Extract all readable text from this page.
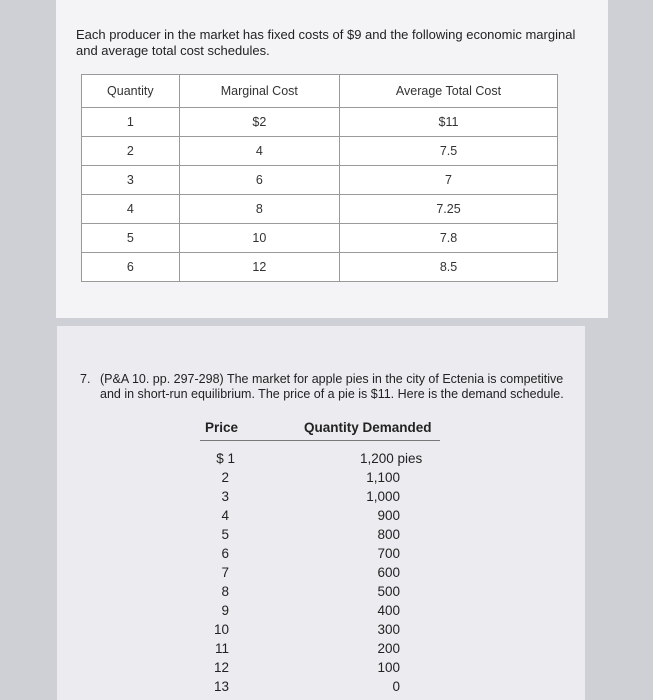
Each producer in the market has fixed costs of $9 and the following economic marginal and average total cost schedules.
Quantity	Marginal Cost	Average Total Cost
1	$2	$11
2	4	7.5
3	6	7
4	8	7.25
5	10	7.8
6	12	8.5
7. (P&A 10. pp. 297-298) The market for apple pies in the city of Ectenia is competitive and in short-run equilibrium. The price of a pie is $11. Here is the demand schedule.
Price	Quantity Demanded
$ 1	1,200 pies
2	1,100
3	1,000
4	900
5	800
6	700
7	600
8	500
9	400
10	300
11	200
12	100
13	0
